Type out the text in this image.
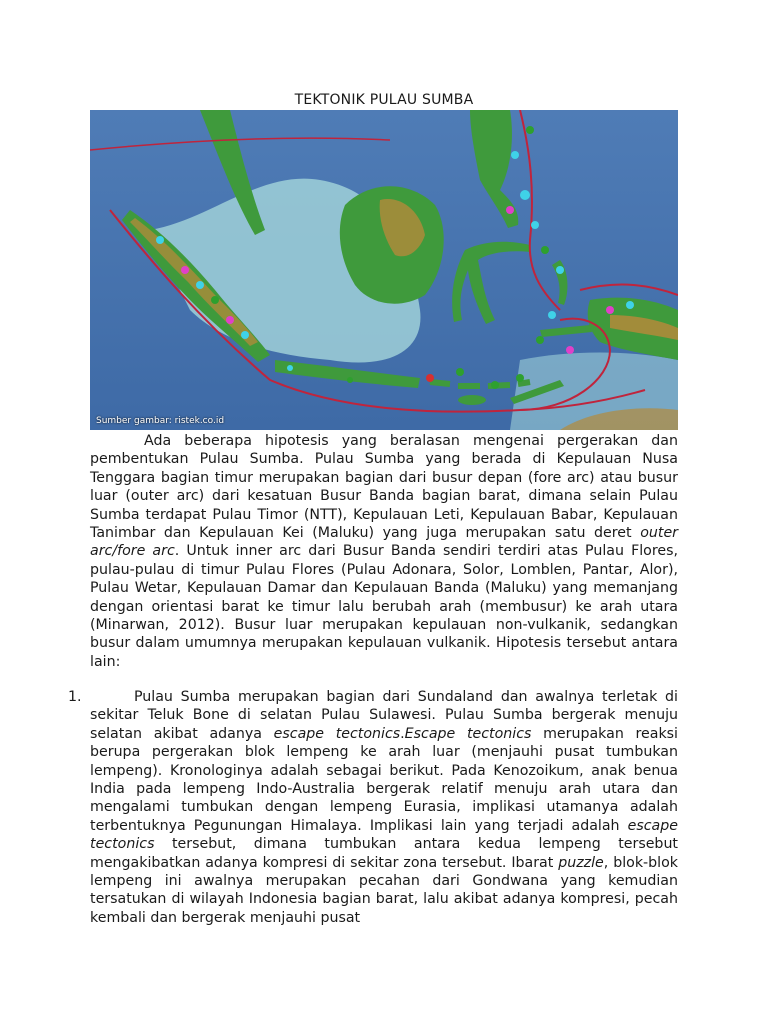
TEKTONIK PULAU SUMBA
Sumber gambar: ristek.co.id

Ada beberapa hipotesis yang beralasan mengenai pergerakan dan pembentukan Pulau Sumba. Pulau Sumba yang berada di Kepulauan Nusa Tenggara bagian timur merupakan bagian dari busur depan (fore arc) atau busur luar (outer arc) dari kesatuan Busur Banda bagian barat, dimana selain Pulau Sumba terdapat Pulau Timor (NTT), Kepulauan Leti, Kepulauan Babar, Kepulauan Tanimbar dan Kepulauan Kei (Maluku) yang juga merupakan satu deret outer arc/fore arc. Untuk inner arc dari Busur Banda sendiri terdiri atas Pulau Flores, pulau-pulau di timur Pulau Flores (Pulau Adonara, Solor, Lomblen, Pantar, Alor), Pulau Wetar, Kepulauan Damar dan Kepulauan Banda (Maluku) yang memanjang dengan orientasi barat ke timur lalu berubah arah (membusur) ke arah utara (Minarwan, 2012). Busur luar merupakan kepulauan non-vulkanik, sedangkan busur dalam umumnya merupakan kepulauan vulkanik. Hipotesis tersebut antara lain:

1.	Pulau Sumba merupakan bagian dari Sundaland dan awalnya terletak di sekitar Teluk Bone di selatan Pulau Sulawesi. Pulau Sumba bergerak menuju selatan akibat adanya escape tectonics.Escape tectonics merupakan reaksi berupa pergerakan blok lempeng ke arah luar (menjauhi pusat tumbukan lempeng). Kronologinya adalah sebagai berikut. Pada Kenozoikum, anak benua India pada lempeng Indo-Australia bergerak relatif menuju arah utara dan mengalami tumbukan dengan lempeng Eurasia, implikasi utamanya adalah terbentuknya Pegunungan Himalaya. Implikasi lain yang terjadi adalah escape tectonics tersebut, dimana tumbukan antara kedua lempeng tersebut mengakibatkan adanya kompresi di sekitar zona tersebut. Ibarat puzzle, blok-blok lempeng ini awalnya merupakan pecahan dari Gondwana yang kemudian tersatukan di wilayah Indonesia bagian barat, lalu akibat adanya kompresi, pecah kembali dan bergerak menjauhi pusat
